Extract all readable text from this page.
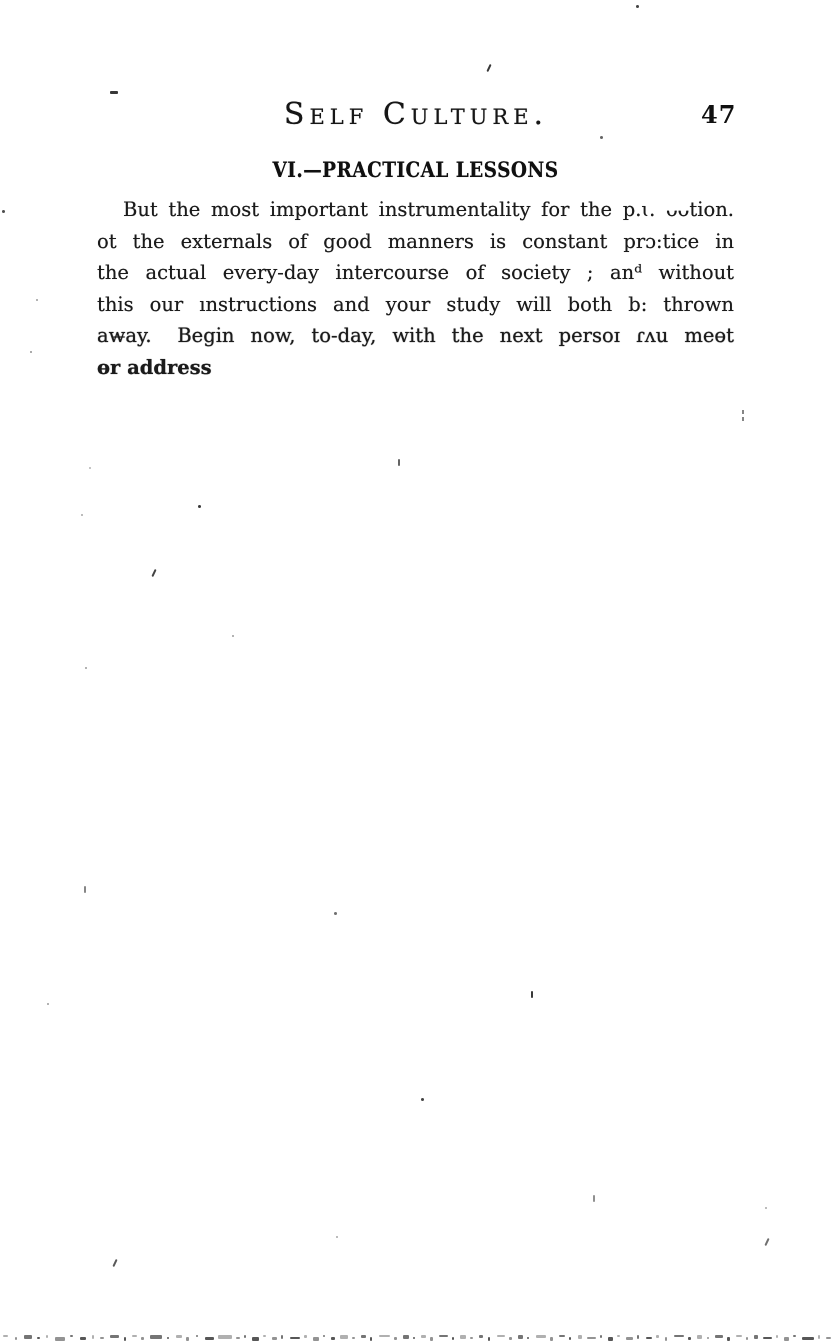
Self Culture.	47
VI.—PRACTICAL LESSONS
But the most important instrumentality for the p.ɩ. ᴗᴗtion.
ot the externals of good manners is constant prɔ:tice in
the actual every-day intercourse of society ; anᵈ without
this our ınstructions and your study will both b: thrown
aw̶ay.  Begin now, to-day, with the next persoɪ ɾʌu meɵt
ɵr address
